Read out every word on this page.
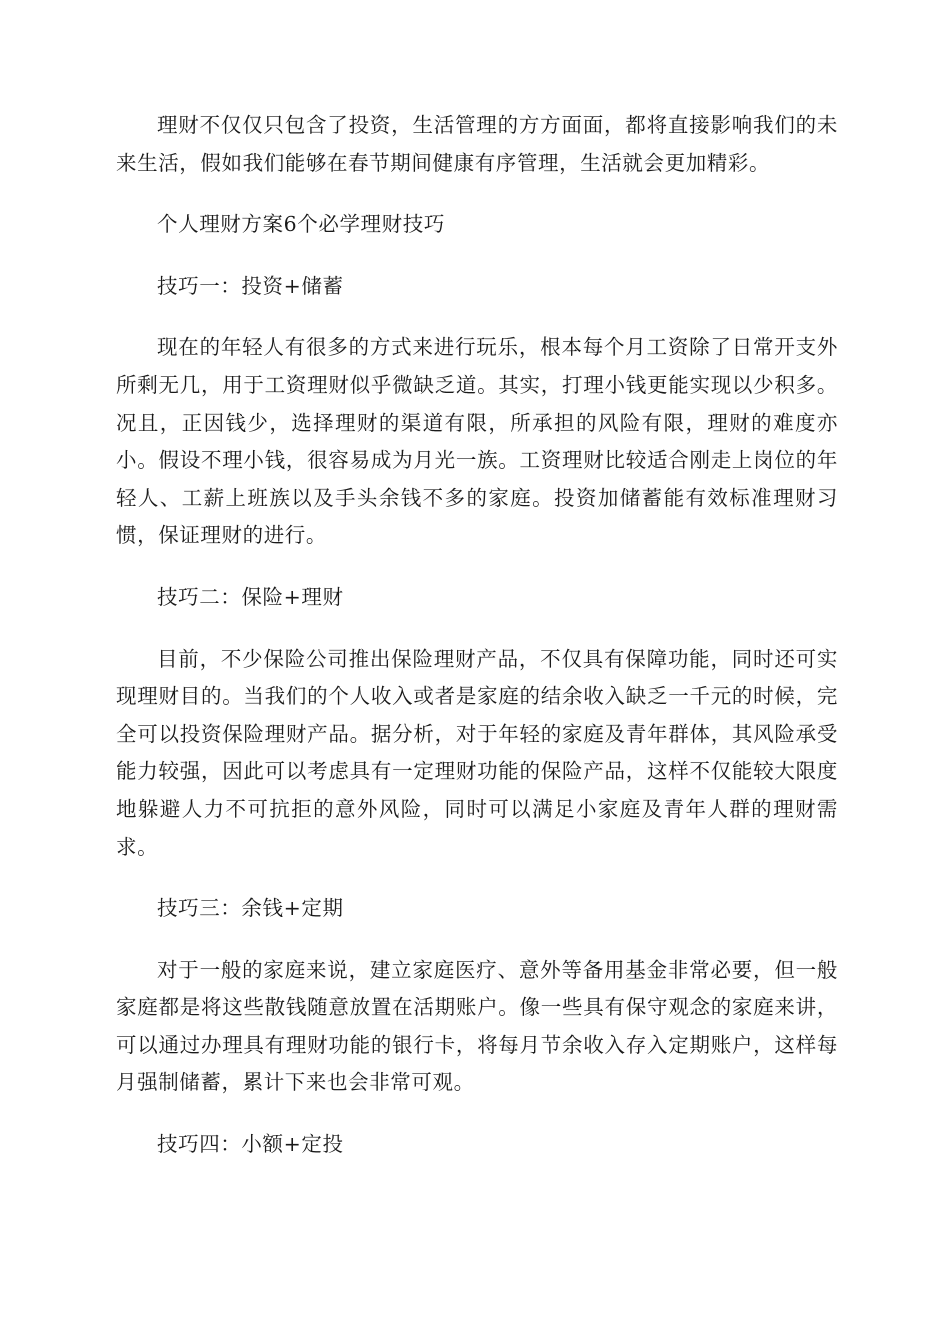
理财不仅仅只包含了投资，生活管理的方方面面，都将直接影响我们的未来生活，假如我们能够在春节期间健康有序管理，生活就会更加精彩。

个人理财方案6个必学理财技巧

技巧一：投资+储蓄

现在的年轻人有很多的方式来进行玩乐，根本每个月工资除了日常开支外所剩无几，用于工资理财似乎微缺乏道。其实，打理小钱更能实现以少积多。况且，正因钱少，选择理财的渠道有限，所承担的风险有限，理财的难度亦小。假设不理小钱，很容易成为月光一族。工资理财比较适合刚走上岗位的年轻人、工薪上班族以及手头余钱不多的家庭。投资加储蓄能有效标准理财习惯，保证理财的进行。

技巧二：保险+理财

目前，不少保险公司推出保险理财产品，不仅具有保障功能，同时还可实现理财目的。当我们的个人收入或者是家庭的结余收入缺乏一千元的时候，完全可以投资保险理财产品。据分析，对于年轻的家庭及青年群体，其风险承受能力较强，因此可以考虑具有一定理财功能的保险产品，这样不仅能较大限度地躲避人力不可抗拒的意外风险，同时可以满足小家庭及青年人群的理财需求。

技巧三：余钱+定期

对于一般的家庭来说，建立家庭医疗、意外等备用基金非常必要，但一般家庭都是将这些散钱随意放置在活期账户。像一些具有保守观念的家庭来讲，可以通过办理具有理财功能的银行卡，将每月节余收入存入定期账户，这样每月强制储蓄，累计下来也会非常可观。

技巧四：小额+定投
